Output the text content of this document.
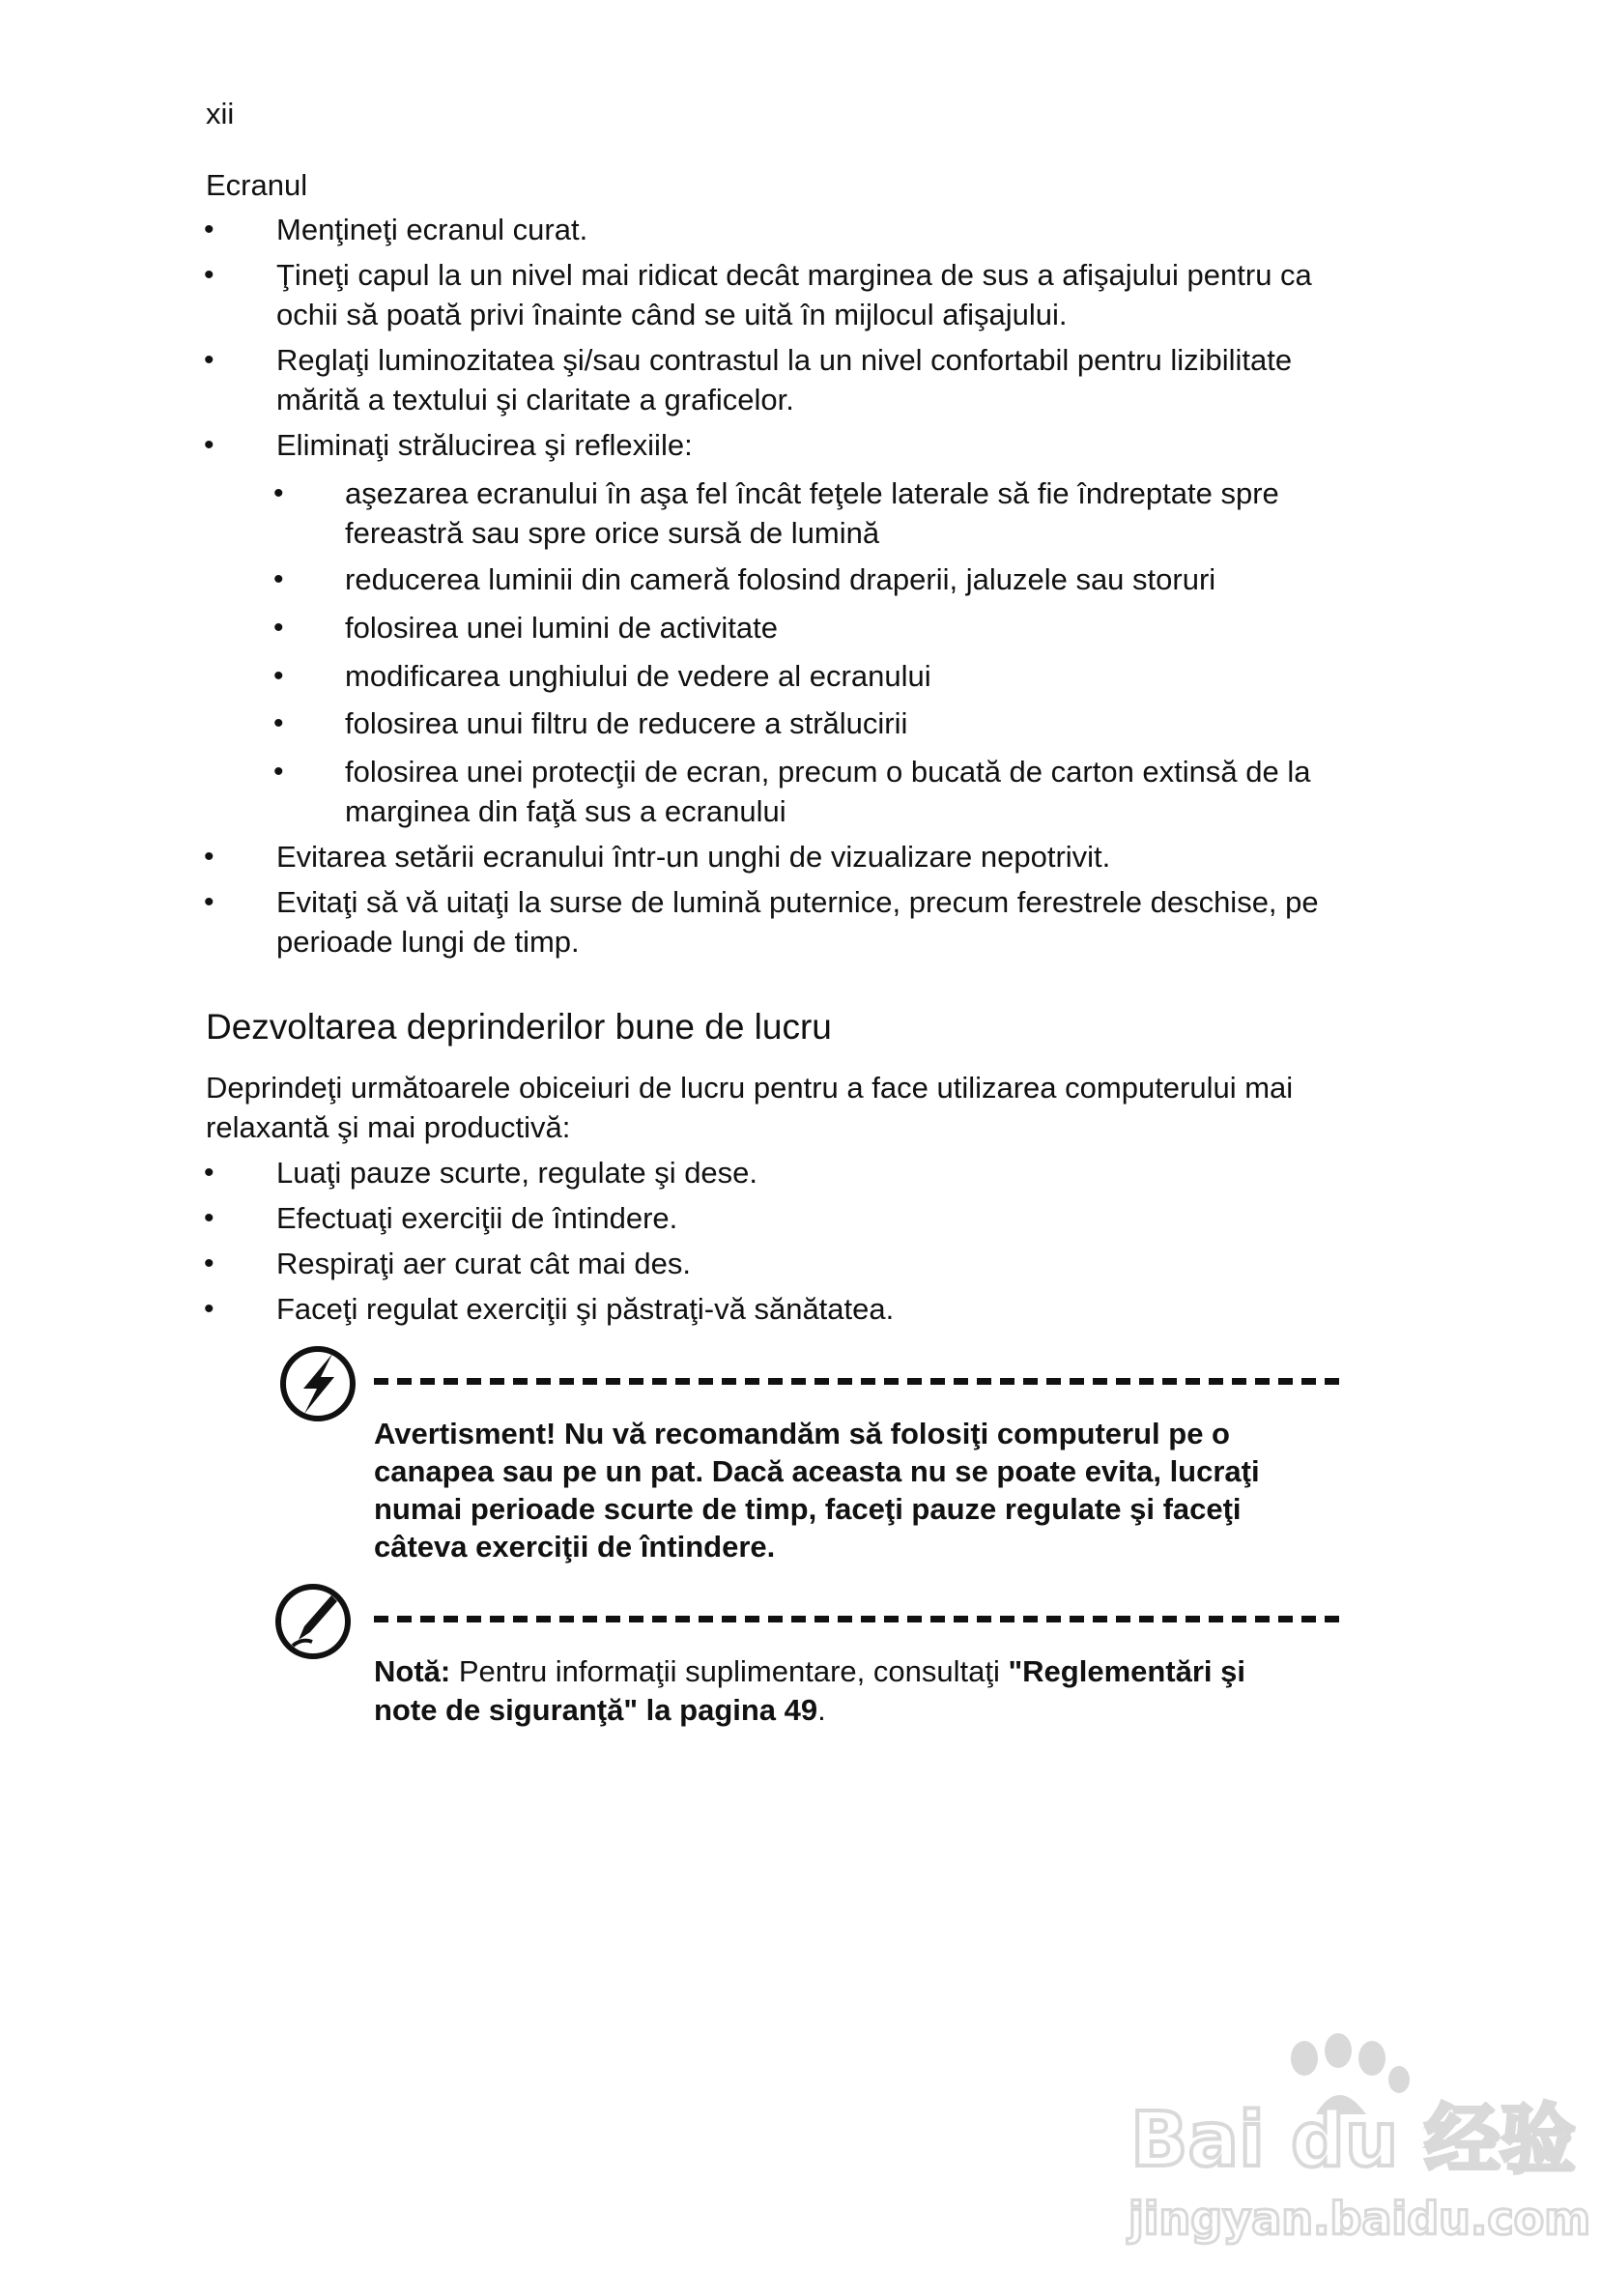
xii
Ecranul
• Menţineţi ecranul curat.
• Ţineţi capul la un nivel mai ridicat decât marginea de sus a afişajului pentru ca
ochii să poată privi înainte când se uită în mijlocul afişajului.
• Reglaţi luminozitatea şi/sau contrastul la un nivel confortabil pentru lizibilitate
mărită a textului şi claritate a graficelor.
• Eliminaţi strălucirea şi reflexiile:
• aşezarea ecranului în aşa fel încât feţele laterale să fie îndreptate spre
fereastră sau spre orice sursă de lumină
• reducerea luminii din cameră folosind draperii, jaluzele sau storuri
• folosirea unei lumini de activitate
• modificarea unghiului de vedere al ecranului
• folosirea unui filtru de reducere a strălucirii
• folosirea unei protecţii de ecran, precum o bucată de carton extinsă de la
marginea din faţă sus a ecranului
• Evitarea setării ecranului într-un unghi de vizualizare nepotrivit.
• Evitaţi să vă uitaţi la surse de lumină puternice, precum ferestrele deschise, pe
perioade lungi de timp.
Dezvoltarea deprinderilor bune de lucru
Deprindeţi următoarele obiceiuri de lucru pentru a face utilizarea computerului mai
relaxantă şi mai productivă:
• Luaţi pauze scurte, regulate şi dese.
• Efectuaţi exerciţii de întindere.
• Respiraţi aer curat cât mai des.
• Faceţi regulat exerciţii şi păstraţi-vă sănătatea.
Avertisment! Nu vă recomandăm să folosiţi computerul pe o
canapea sau pe un pat. Dacă aceasta nu se poate evita, lucraţi
numai perioade scurte de timp, faceţi pauze regulate şi faceţi
câteva exerciţii de întindere.
Notă: Pentru informaţii suplimentare, consultaţi "Reglementări şi
note de siguranţă" la pagina 49.
Bai du 经验
jingyan.baidu.com
